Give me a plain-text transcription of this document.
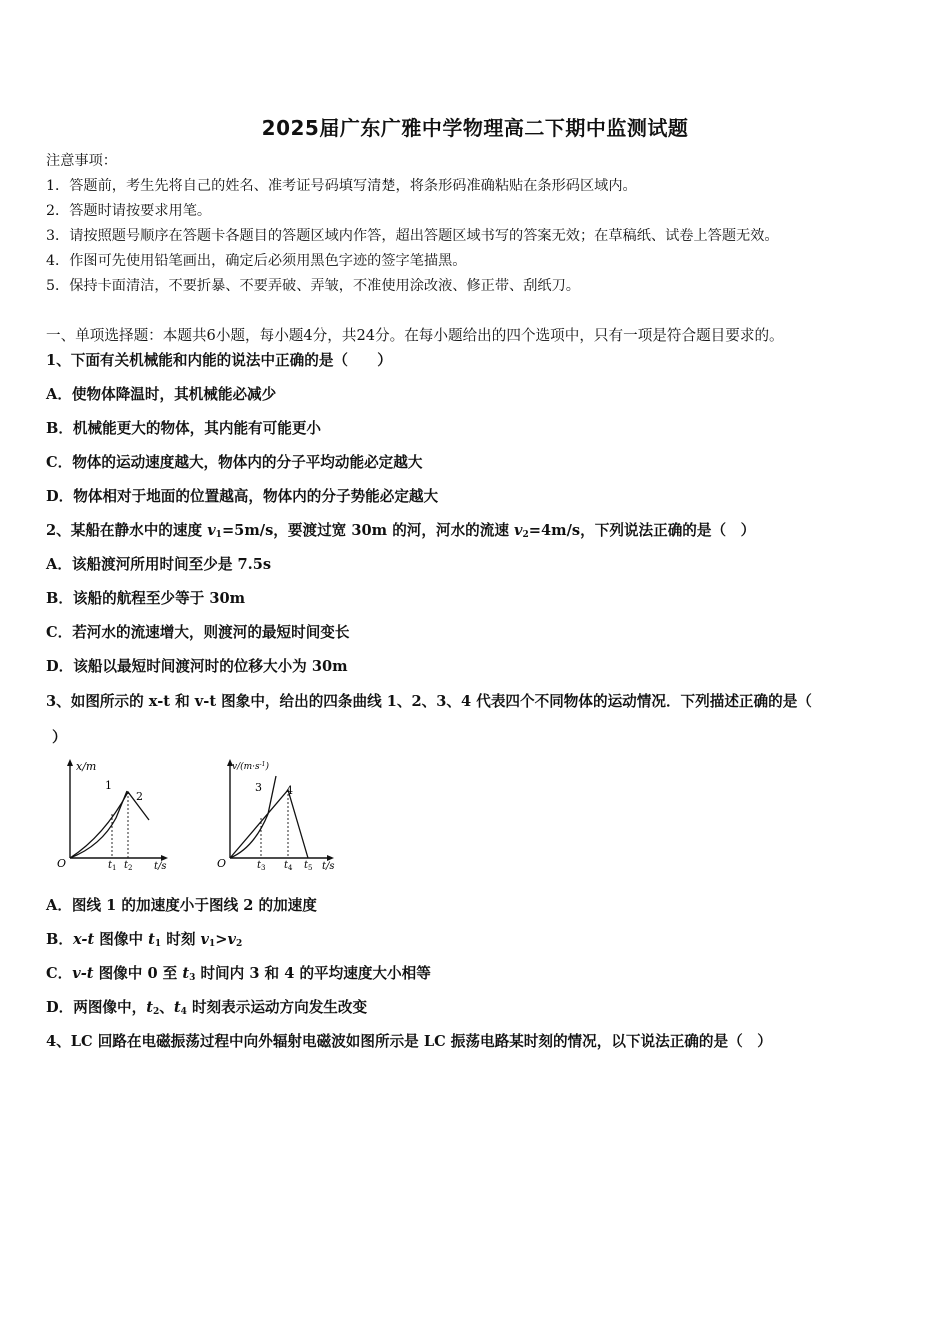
2025届广东广雅中学物理高二下期中监测试题
注意事项：
1．答题前，考生先将自己的姓名、准考证号码填写清楚，将条形码准确粘贴在条形码区域内。
2．答题时请按要求用笔。
3．请按照题号顺序在答题卡各题目的答题区域内作答，超出答题区域书写的答案无效；在草稿纸、试卷上答题无效。
4．作图可先使用铅笔画出，确定后必须用黑色字迹的签字笔描黑。
5．保持卡面清洁，不要折暴、不要弄破、弄皱，不准使用涂改液、修正带、刮纸刀。
一、单项选择题：本题共6小题，每小题4分，共24分。在每小题给出的四个选项中，只有一项是符合题目要求的。
1、下面有关机械能和内能的说法中正确的是（　　）
A．使物体降温时，其机械能必减少
B．机械能更大的物体，其内能有可能更小
C．物体的运动速度越大，物体内的分子平均动能必定越大
D．物体相对于地面的位置越高，物体内的分子势能必定越大
2、某船在静水中的速度 $v_1=5m/s$，要渡过宽 30m 的河，河水的流速 $v_2=4m/s$，下列说法正确的是（　）
A．该船渡河所用时间至少是 7.5s
B．该船的航程至少等于 30m
C．若河水的流速增大，则渡河的最短时间变长
D．该船以最短时间渡河时的位移大小为 30m
3、如图所示的 x-t 和 v-t 图象中，给出的四条曲线 1、2、3、4 代表四个不同物体的运动情况．下列描述正确的是（
）
x/m
O	t/s
1
2
t 1 t 2
$v/(m\cdot s^{-1})$
O	t/s
3 4
t 3 t 4 t 5
A．图线 1 的加速度小于图线 2 的加速度
B．x-t 图像中 $t_1$ 时刻 $v_1>v_2$
C．v-t 图像中 0 至 $t_3$ 时间内 3 和 4 的平均速度大小相等
D．两图像中，$t_2$、$t_4$ 时刻表示运动方向发生改变
4、LC 回路在电磁振荡过程中向外辐射电磁波如图所示是 LC 振荡电路某时刻的情况，以下说法正确的是（　）
